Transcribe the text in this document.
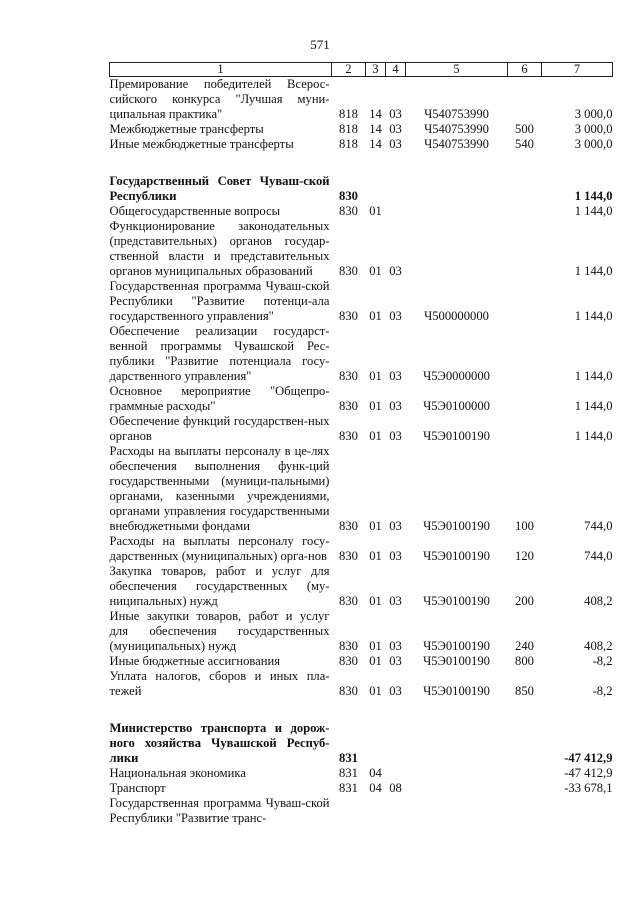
571
1	2	3	4	5	6	7
Премирование победителей Всерос-сийского конкурса "Лучшая муни-ципальная практика"	818	14	03	Ч540753990		3 000,0
Межбюджетные трансферты	818	14	03	Ч540753990	500	3 000,0
Иные межбюджетные трансферты	818	14	03	Ч540753990	540	3 000,0

Государственный Совет Чуваш-ской Республики	830					1 144,0
Общегосударственные вопросы	830	01				1 144,0
Функционирование законодательных (представительных) органов государ-ственной власти и представительных органов муниципальных образований	830	01	03			1 144,0
Государственная программа Чуваш-ской Республики "Развитие потенци-ала государственного управления"	830	01	03	Ч500000000		1 144,0
Обеспечение реализации государст-венной программы Чувашской Рес-публики "Развитие потенциала госу-дарственного управления"	830	01	03	Ч5Э0000000		1 144,0
Основное мероприятие "Общепро-граммные расходы"	830	01	03	Ч5Э0100000		1 144,0
Обеспечение функций государствен-ных органов	830	01	03	Ч5Э0100190		1 144,0
Расходы на выплаты персоналу в це-лях обеспечения выполнения функ-ций государственными (муници-пальными) органами, казенными учреждениями, органами управления государственными внебюджетными фондами	830	01	03	Ч5Э0100190	100	744,0
Расходы на выплаты персоналу госу-дарственных (муниципальных) орга-нов	830	01	03	Ч5Э0100190	120	744,0
Закупка товаров, работ и услуг для обеспечения государственных (му-ниципальных) нужд	830	01	03	Ч5Э0100190	200	408,2
Иные закупки товаров, работ и услуг для обеспечения государственных (муниципальных) нужд	830	01	03	Ч5Э0100190	240	408,2
Иные бюджетные ассигнования	830	01	03	Ч5Э0100190	800	-8,2
Уплата налогов, сборов и иных пла-тежей	830	01	03	Ч5Э0100190	850	-8,2

Министерство транспорта и дорож-ного хозяйства Чувашской Респуб-лики	831					-47 412,9
Национальная экономика	831	04				-47 412,9
Транспорт	831	04	08			-33 678,1
Государственная программа Чуваш-ской Республики "Развитие транс-						
